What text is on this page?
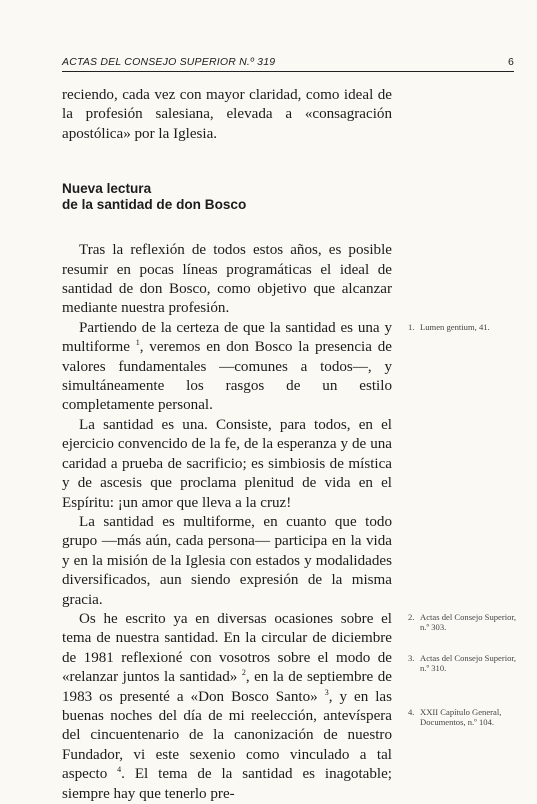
ACTAS DEL CONSEJO SUPERIOR N.º 319	6

reciendo, cada vez con mayor claridad, como ideal de la profesión salesiana, elevada a «consagración apostólica» por la Iglesia.

Nueva lectura
de la santidad de don Bosco

Tras la reflexión de todos estos años, es posible resumir en pocas líneas programáticas el ideal de santidad de don Bosco, como objetivo que alcanzar mediante nuestra profesión.

Partiendo de la certeza de que la santidad es una y multiforme $^1$, veremos en don Bosco la presencia de valores fundamentales —comunes a todos—, y simultáneamente los rasgos de un estilo completamente personal.

La santidad es una. Consiste, para todos, en el ejercicio convencido de la fe, de la esperanza y de una caridad a prueba de sacrificio; es simbiosis de mística y de ascesis que proclama plenitud de vida en el Espíritu: ¡un amor que lleva a la cruz!

La santidad es multiforme, en cuanto que todo grupo —más aún, cada persona— participa en la vida y en la misión de la Iglesia con estados y modalidades diversificados, aun siendo expresión de la misma gracia.

Os he escrito ya en diversas ocasiones sobre el tema de nuestra santidad. En la circular de diciembre de 1981 reflexioné con vosotros sobre el modo de «relanzar juntos la santidad» $^2$, en la de septiembre de 1983 os presenté a «Don Bosco Santo» $^3$, y en las buenas noches del día de mi reelección, antevíspera del cincuentenario de la canonización de nuestro Fundador, vi este sexenio como vinculado a tal aspecto $^4$. El tema de la santidad es inagotable; siempre hay que tenerlo pre-

1. Lumen gentium, 41.
2. Actas del Consejo Superior, n.º 303.
3. Actas del Consejo Superior, n.º 310.
4. XXII Capítulo General, Documentos, n.º 104.
